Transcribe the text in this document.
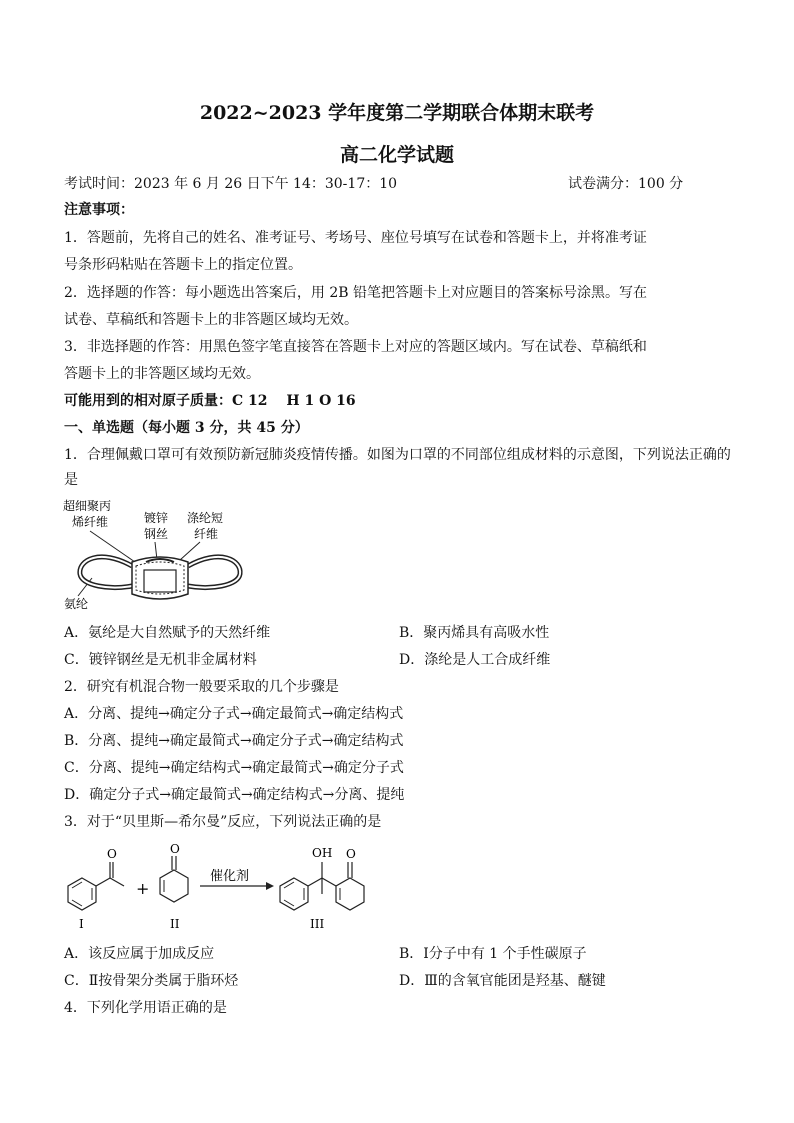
2022~2023 学年度第二学期联合体期末联考
高二化学试题
考试时间：2023 年 6 月 26 日下午 14：30-17：10	试卷满分：100 分
注意事项：
1．答题前，先将自己的姓名、准考证号、考场号、座位号填写在试卷和答题卡上，并将准考证
号条形码粘贴在答题卡上的指定位置。
2．选择题的作答：每小题选出答案后，用 2B 铅笔把答题卡上对应题目的答案标号涂黑。写在
试卷、草稿纸和答题卡上的非答题区域均无效。
3．非选择题的作答：用黑色签字笔直接答在答题卡上对应的答题区域内。写在试卷、草稿纸和
答题卡上的非答题区域均无效。
可能用到的相对原子质量：C 12　 H 1 O 16
一、单选题（每小题 3 分，共 45 分）
1．合理佩戴口罩可有效预防新冠肺炎疫情传播。如图为口罩的不同部位组成材料的示意图，下列说法正确的
是
超细聚丙
烯纤维	镀锌
钢丝
涤纶短
纤维
氨纶
A．氨纶是大自然赋予的天然纤维	B．聚丙烯具有高吸水性
C．镀锌钢丝是无机非金属材料	D．涤纶是人工合成纤维
2．研究有机混合物一般要采取的几个步骤是
A．分离、提纯→确定分子式→确定最简式→确定结构式
B．分离、提纯→确定最简式→确定分子式→确定结构式
C．分离、提纯→确定结构式→确定最简式→确定分子式
D．确定分子式→确定最简式→确定结构式→分离、提纯
3．对于“贝里斯—希尔曼”反应，下列说法正确的是
O
I
+
O
II
催化剂
OH O
III
A．该反应属于加成反应	B．Ⅰ分子中有 1 个手性碳原子
C．Ⅱ按骨架分类属于脂环烃	D．Ⅲ的含氧官能团是羟基、醚键
4．下列化学用语正确的是
